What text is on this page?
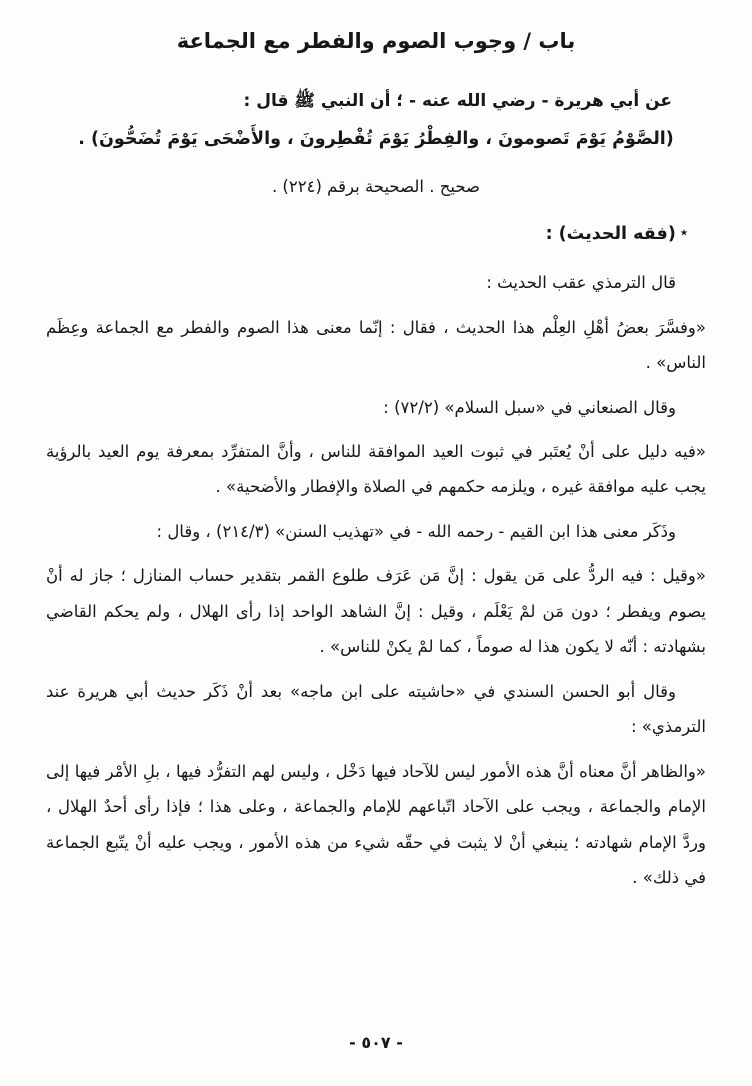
باب / وجوب الصوم والفطر مع الجماعة

عن أبي هريرة - رضي الله عنه - ؛ أن النبي ﷺ قال :

(الصَّوْمُ يَوْمَ تَصومونَ ، والفِطْرُ يَوْمَ تُفْطِرونَ ، والأَضْحَى يَوْمَ تُضَحُّونَ) .

صحيح . الصحيحة برقم (٢٢٤) .

٭(فقه الحديث) :

قال الترمذي عقب الحديث :

«وفسَّرَ بعضُ أهْلِ العِلْم هذا الحديث ، فقال : إنّما معنى هذا الصوم والفطر مع الجماعة وعِظَم الناس» .

وقال الصنعاني في «سبل السلام» (٧٢/٢) :

«فيه دليل على أنْ يُعتَبر في ثبوت العيد الموافقة للناس ، وأنَّ المتفرِّد بمعرفة يوم العيد بالرؤية يجب عليه موافقة غيره ، ويلزمه حكمهم في الصلاة والإفطار والأضحية» .

وذَكَر معنى هذا ابن القيم - رحمه الله - في «تهذيب السنن» (٢١٤/٣) ، وقال :

«وقيل : فيه الردُّ على مَن يقول : إنَّ مَن عَرَف طلوع القمر بتقدير حساب المنازل ؛ جاز له أنْ يصوم ويفطر ؛ دون مَن لمْ يَعْلَم ، وقيل : إنَّ الشاهد الواحد إذا رأى الهلال ، ولم يحكم القاضي بشهادته : أنّه لا يكون هذا له صوماً ، كما لمْ يكنْ للناس» .

وقال أبو الحسن السندي في «حاشيته على ابن ماجه» بعد أنْ ذَكَر حديث أبي هريرة عند الترمذي» :

«والظاهر أنَّ معناه أنَّ هذه الأمور ليس للآحاد فيها دَخْل ، وليس لهم التفرُّد فيها ، بلِ الأمْر فيها إلى الإمام والجماعة ، ويجب على الآحاد اتّباعهم للإمام والجماعة ، وعلى هذا ؛ فإذا رأى أحدٌ الهلال ، وردَّ الإمام شهادته ؛ ينبغي أنْ لا يثبت في حقّه شيء من هذه الأمور ، ويجب عليه أنْ يتّبع الجماعة في ذلك» .

- ٥٠٧ -
